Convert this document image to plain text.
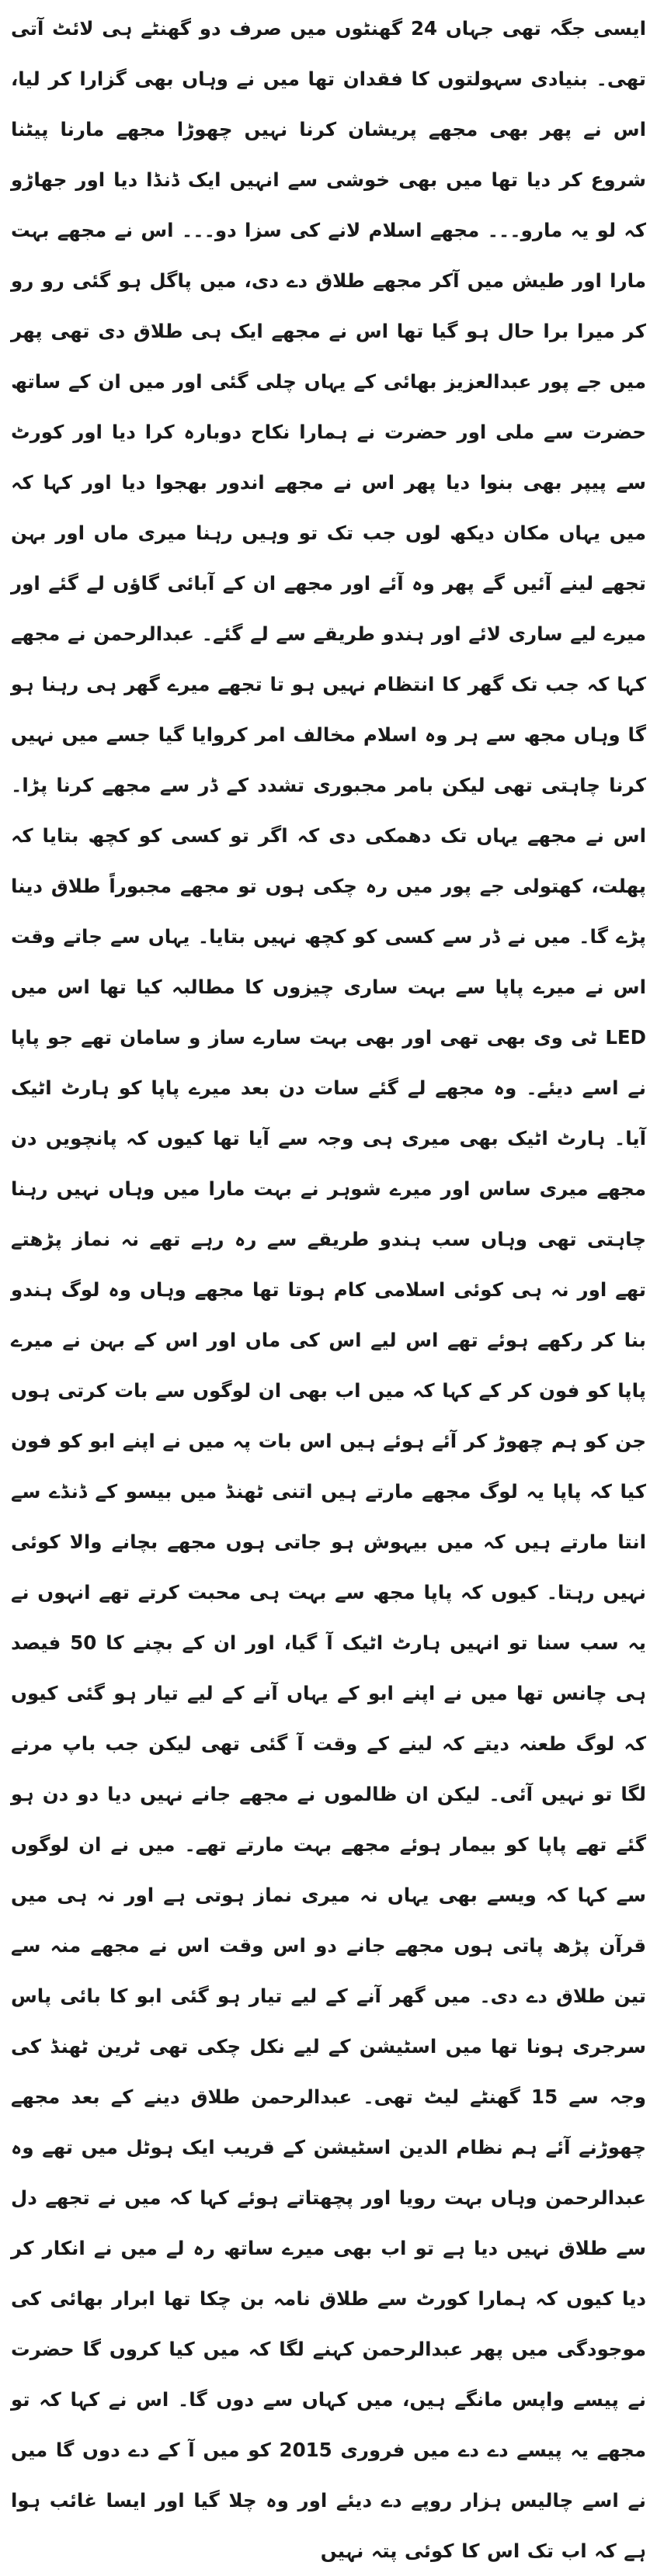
ایسی جگہ تھی جہاں 24 گھنٹوں میں صرف دو گھنٹے ہی لائٹ آتی تھی۔ بنیادی سہولتوں کا فقدان تھا میں نے وہاں بھی گزارا کر لیا، اس نے پھر بھی مجھے پریشان کرنا نہیں چھوڑا مجھے مارنا پیٹنا شروع کر دیا تھا میں بھی خوشی سے انہیں ایک ڈنڈا دیا اور جھاڑو کہ لو یہ مارو۔۔۔ مجھے اسلام لانے کی سزا دو۔۔۔ اس نے مجھے بہت مارا اور طیش میں آکر مجھے طلاق دے دی، میں پاگل ہو گئی رو رو کر میرا برا حال ہو گیا تھا اس نے مجھے ایک ہی طلاق دی تھی پھر میں جے پور عبدالعزیز بھائی کے یہاں چلی گئی اور میں ان کے ساتھ حضرت سے ملی اور حضرت نے ہمارا نکاح دوبارہ کرا دیا اور کورٹ سے پیپر بھی بنوا دیا پھر اس نے مجھے اندور بھجوا دیا اور کہا کہ میں یہاں مکان دیکھ لوں جب تک تو وہیں رہنا میری ماں اور بہن تجھے لینے آئیں گے پھر وہ آئے اور مجھے ان کے آبائی گاؤں لے گئے اور میرے لیے ساری لائے اور ہندو طریقے سے لے گئے۔ عبدالرحمن نے مجھے کہا کہ جب تک گھر کا انتظام نہیں ہو تا تجھے میرے گھر ہی رہنا ہو گا وہاں مجھ سے ہر وہ اسلام مخالف امر کروایا گیا جسے میں نہیں کرنا چاہتی تھی لیکن بامر مجبوری تشدد کے ڈر سے مجھے کرنا پڑا۔ اس نے مجھے یہاں تک دھمکی دی کہ اگر تو کسی کو کچھ بتایا کہ پھلت، کھتولی جے پور میں رہ چکی ہوں تو مجھے مجبوراً طلاق دینا پڑے گا۔ میں نے ڈر سے کسی کو کچھ نہیں بتایا۔ یہاں سے جاتے وقت اس نے میرے پاپا سے بہت ساری چیزوں کا مطالبہ کیا تھا اس میں LED ٹی وی بھی تھی اور بھی بہت سارے ساز و سامان تھے جو پاپا نے اسے دیئے۔ وہ مجھے لے گئے سات دن بعد میرے پاپا کو ہارٹ اٹیک آیا۔ ہارٹ اٹیک بھی میری ہی وجہ سے آیا تھا کیوں کہ پانچویں دن مجھے میری ساس اور میرے شوہر نے بہت مارا میں وہاں نہیں رہنا چاہتی تھی وہاں سب ہندو طریقے سے رہ رہے تھے نہ نماز پڑھتے تھے اور نہ ہی کوئی اسلامی کام ہوتا تھا مجھے وہاں وہ لوگ ہندو بنا کر رکھے ہوئے تھے اس لیے اس کی ماں اور اس کے بہن نے میرے پاپا کو فون کر کے کہا کہ میں اب بھی ان لوگوں سے بات کرتی ہوں جن کو ہم چھوڑ کر آئے ہوئے ہیں اس بات پہ میں نے اپنے ابو کو فون کیا کہ پاپا یہ لوگ مجھے مارتے ہیں اتنی ٹھنڈ میں بیسو کے ڈنڈے سے انتا مارتے ہیں کہ میں بیہوش ہو جاتی ہوں مجھے بچانے والا کوئی نہیں رہتا۔ کیوں کہ پاپا مجھ سے بہت ہی محبت کرتے تھے انہوں نے یہ سب سنا تو انہیں ہارٹ اٹیک آ گیا، اور ان کے بچنے کا 50 فیصد ہی چانس تھا میں نے اپنے ابو کے یہاں آنے کے لیے تیار ہو گئی کیوں کہ لوگ طعنہ دیتے کہ لینے کے وقت آ گئی تھی لیکن جب باپ مرنے لگا تو نہیں آئی۔ لیکن ان ظالموں نے مجھے جانے نہیں دیا دو دن ہو گئے تھے پاپا کو بیمار ہوئے مجھے بہت مارتے تھے۔ میں نے ان لوگوں سے کہا کہ ویسے بھی یہاں نہ میری نماز ہوتی ہے اور نہ ہی میں قرآن پڑھ پاتی ہوں مجھے جانے دو اس وقت اس نے مجھے منہ سے تین طلاق دے دی۔ میں گھر آنے کے لیے تیار ہو گئی ابو کا بائی پاس سرجری ہونا تھا میں اسٹیشن کے لیے نکل چکی تھی ٹرین ٹھنڈ کی وجہ سے 15 گھنٹے لیٹ تھی۔ عبدالرحمن طلاق دینے کے بعد مجھے چھوڑنے آئے ہم نظام الدین اسٹیشن کے قریب ایک ہوٹل میں تھے وہ عبدالرحمن وہاں بہت رویا اور پچھتاتے ہوئے کہا کہ میں نے تجھے دل سے طلاق نہیں دیا ہے تو اب بھی میرے ساتھ رہ لے میں نے انکار کر دیا کیوں کہ ہمارا کورٹ سے طلاق نامہ بن چکا تھا ابرار بھائی کی موجودگی میں پھر عبدالرحمن کہنے لگا کہ میں کیا کروں گا حضرت نے پیسے واپس مانگے ہیں، میں کہاں سے دوں گا۔ اس نے کہا کہ تو مجھے یہ پیسے دے دے میں فروری 2015 کو میں آ کے دے دوں گا میں نے اسے چالیس ہزار روپے دے دیئے اور وہ چلا گیا اور ایسا غائب ہوا ہے کہ اب تک اس کا کوئی پتہ نہیں
